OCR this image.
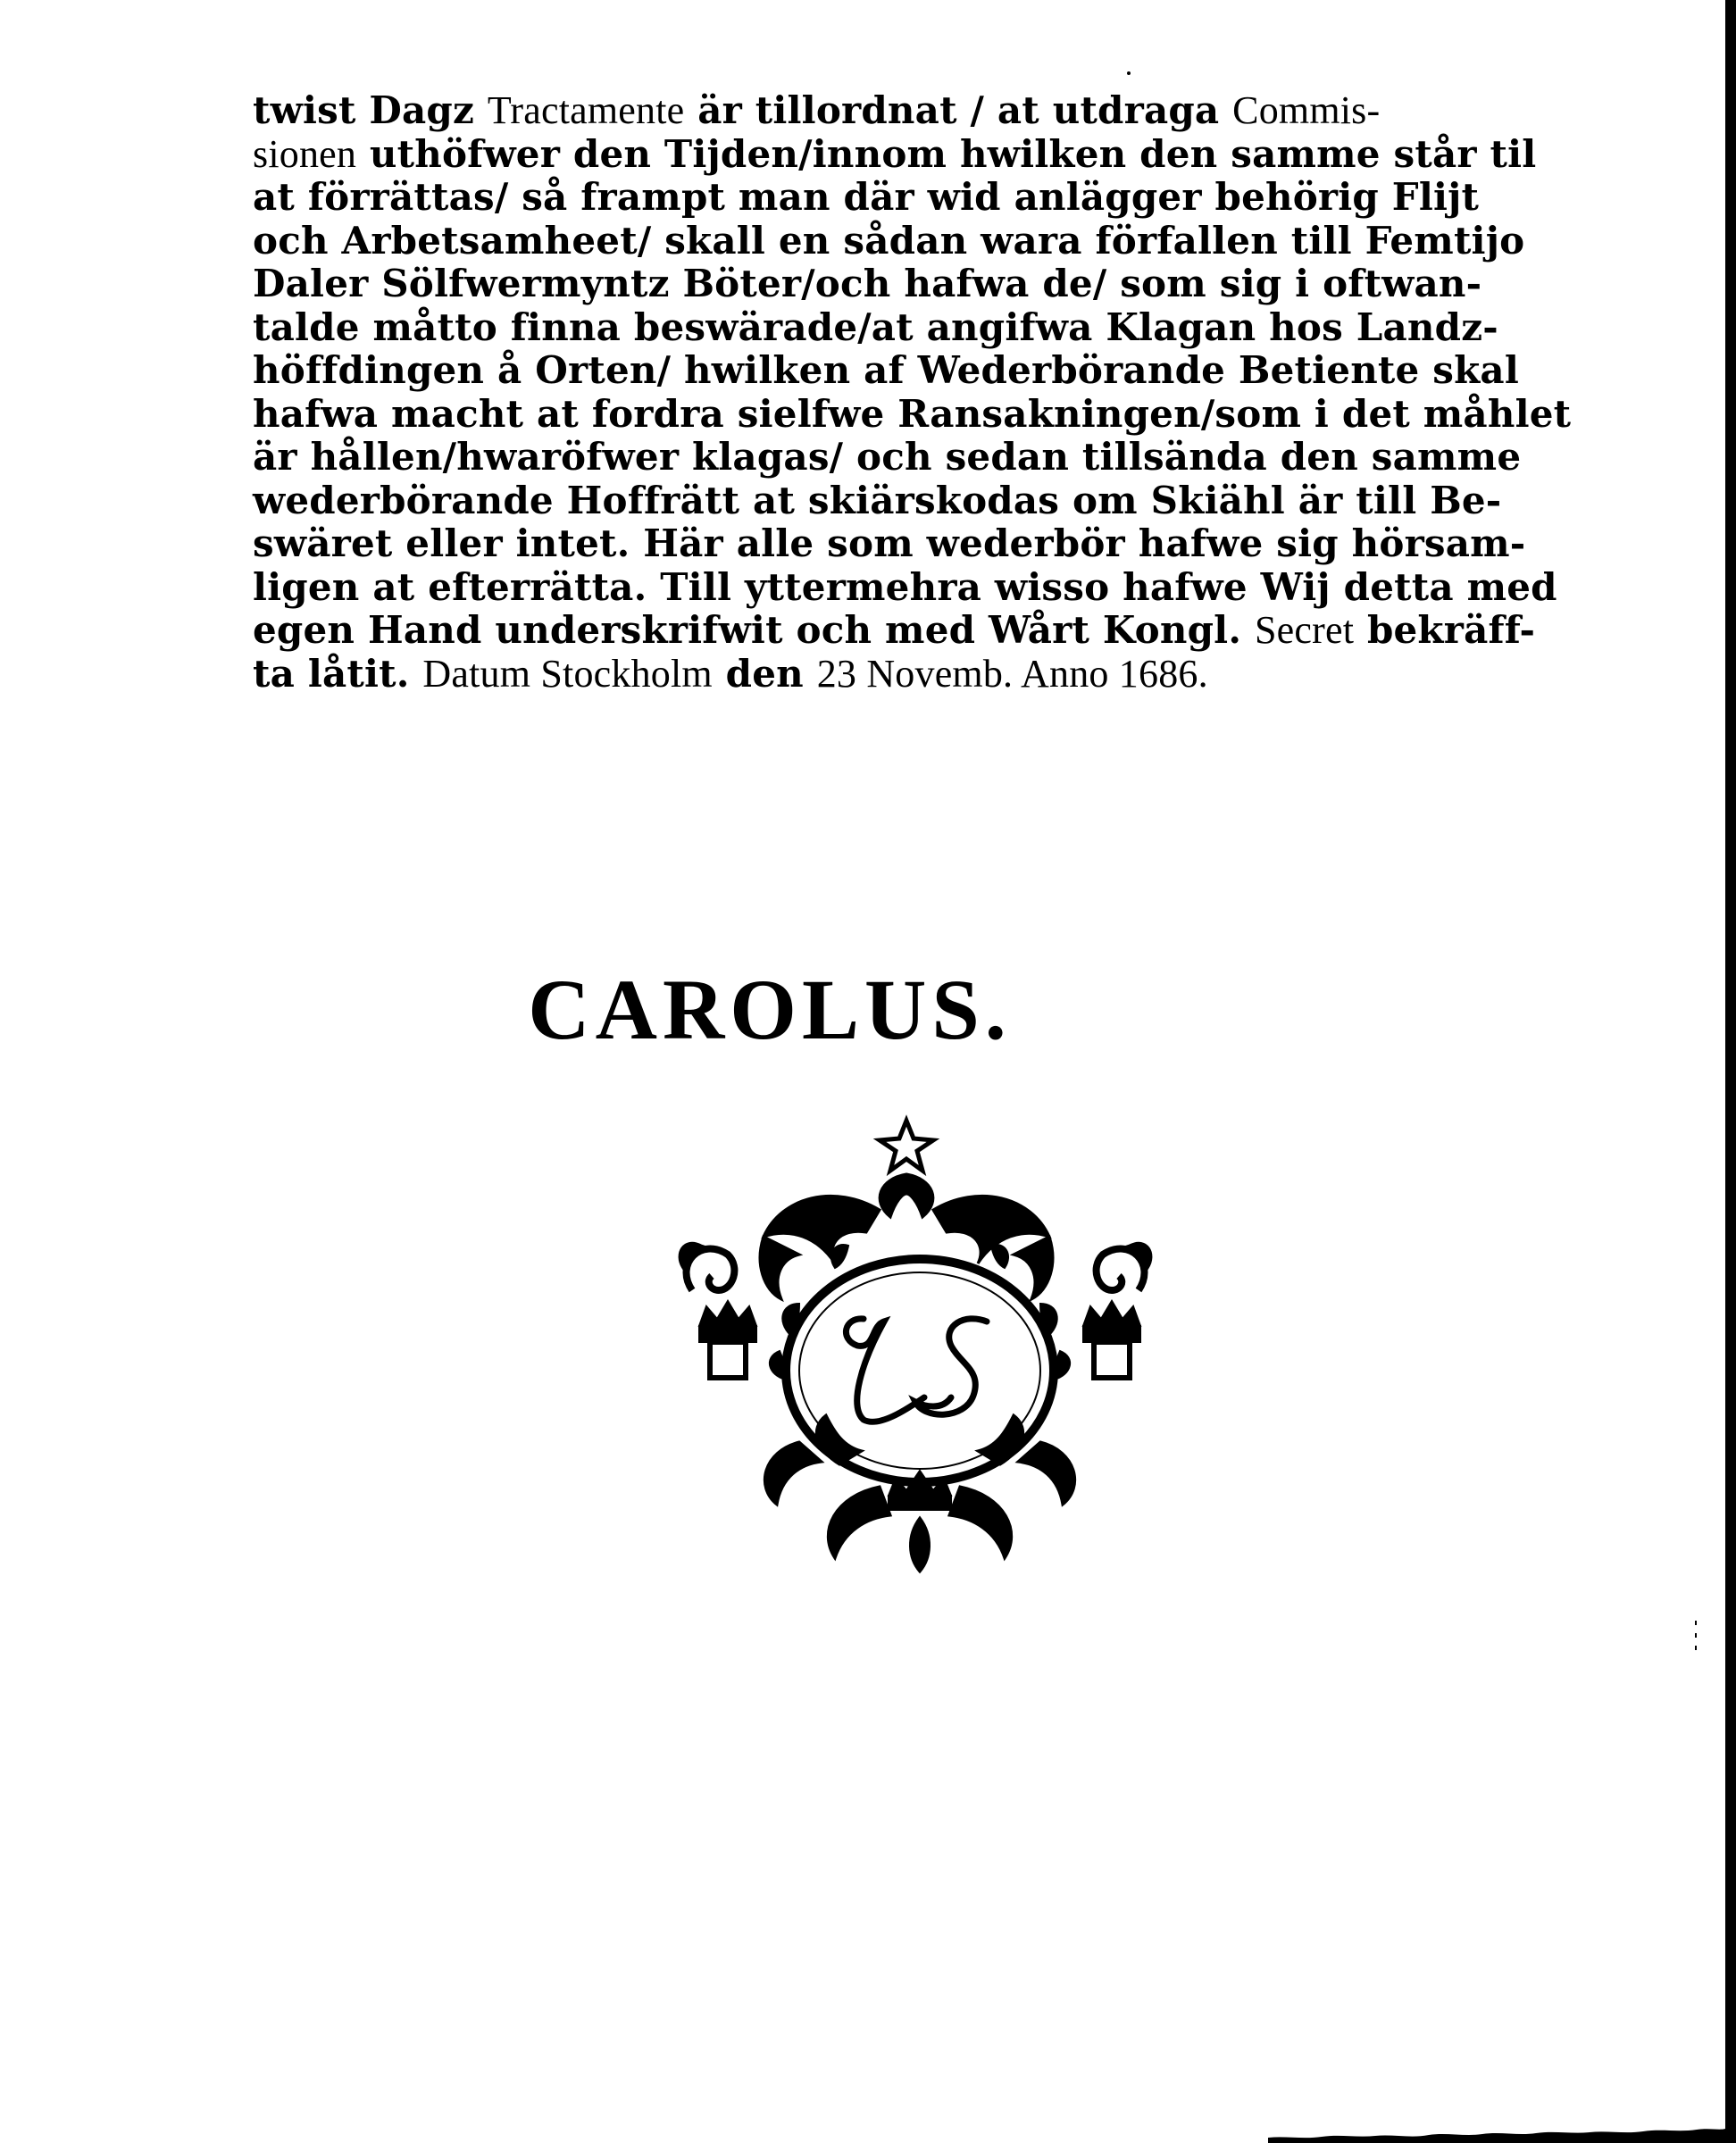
twist Dagz Tractamente är tillordnat / at utdraga Commis-
sionen uthöfwer den Tijden/innom hwilken den samme står til
at förrättas/ så frampt man där wid anlägger behörig Flijt
och Arbetsamheet/ skall en sådan wara förfallen till Femtijo
Daler Sölfwermyntz Böter/och hafwa de/ som sig i oftwan-
talde måtto finna beswärade/at angifwa Klagan hos Landz-
höffdingen å Orten/ hwilken af Wederbörande Betiente skal
hafwa macht at fordra sielfwe Ransakningen/som i det måhlet
är hållen/hwaröfwer klagas/ och sedan tillsända den samme
wederbörande Hoffrätt at skiärskodas om Skiähl är till Be-
swäret eller intet. Här alle som wederbör hafwe sig hörsam-
ligen at efterrätta. Till yttermehra wisso hafwe Wij detta med
egen Hand underskrifwit och med Wårt Kongl. Secret bekräff-
ta låtit. Datum Stockholm den 23 Novemb. Anno 1686.
CAROLUS.
